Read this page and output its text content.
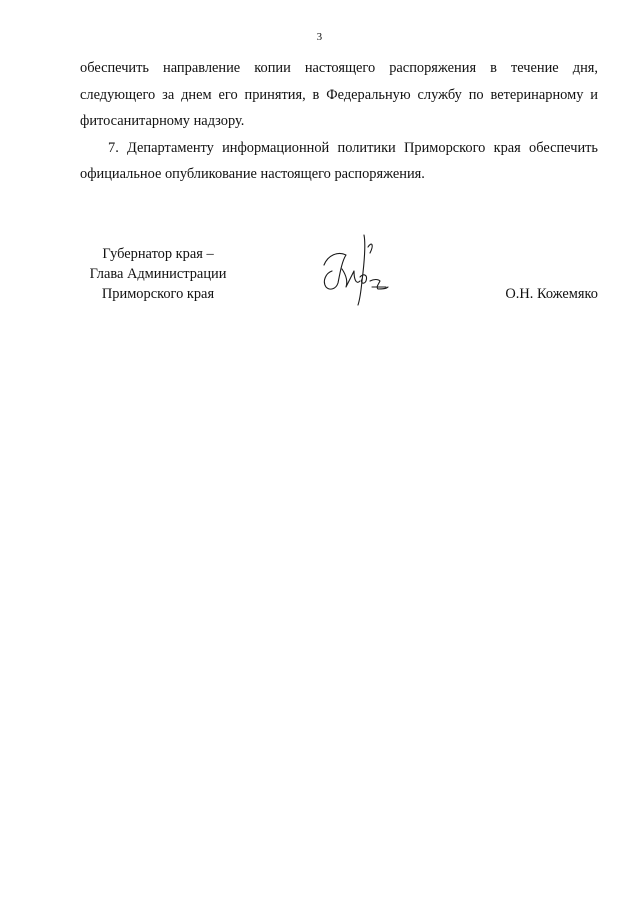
3

обеспечить направление копии настоящего распоряжения в течение дня, следующего за днем его принятия, в Федеральную службу по ветеринарному и фитосанитарному надзору.

7. Департаменту информационной политики Приморского края обеспечить официальное опубликование настоящего распоряжения.

Губернатор края –
Глава Администрации
Приморского края	О.Н. Кожемяко
